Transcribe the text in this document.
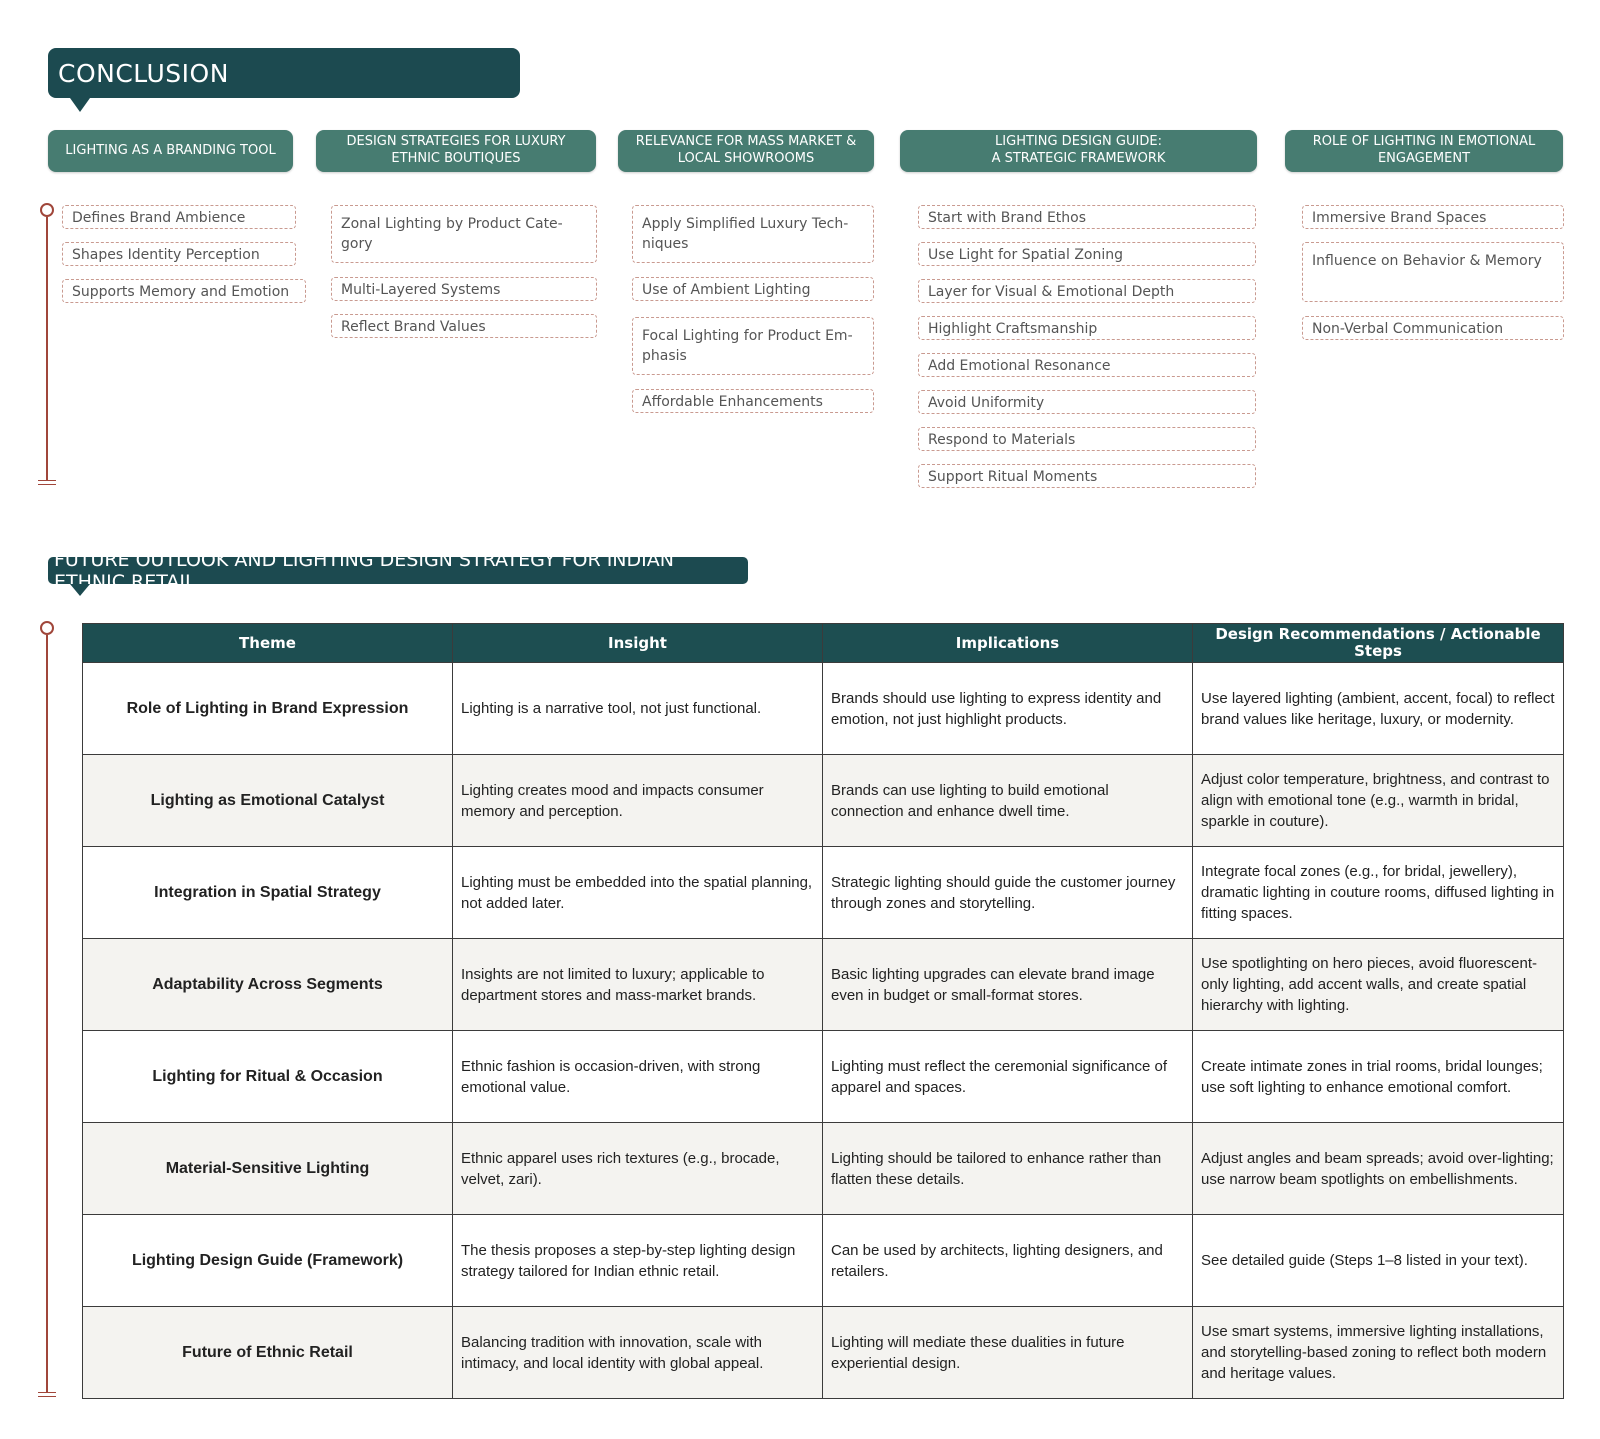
CONCLUSION
LIGHTING AS A BRANDING TOOL
Defines Brand Ambience
Shapes Identity Perception
Supports Memory and Emotion
DESIGN STRATEGIES FOR LUXURY
ETHNIC BOUTIQUES
Zonal Lighting by Product Cate-
gory
Multi-Layered Systems
Reflect Brand Values
RELEVANCE FOR MASS MARKET &
LOCAL SHOWROOMS
Apply Simplified Luxury Tech-
niques
Use of Ambient Lighting
Focal Lighting for Product Em-
phasis
Affordable Enhancements
LIGHTING DESIGN GUIDE:
A STRATEGIC FRAMEWORK
Start with Brand Ethos
Use Light for Spatial Zoning
Layer for Visual & Emotional Depth
Highlight Craftsmanship
Add Emotional Resonance
Avoid Uniformity
Respond to Materials
Support Ritual Moments
ROLE OF LIGHTING IN EMOTIONAL
ENGAGEMENT
Immersive Brand Spaces
Influence on Behavior & Memory
Non-Verbal Communication
FUTURE OUTLOOK AND LIGHTING DESIGN STRATEGY FOR INDIAN ETHNIC RETAIL
Theme	Insight	Implications	Design Recommendations / Actionable Steps
Role of Lighting in Brand Expression	Lighting is a narrative tool, not just functional.	Brands should use lighting to express identity and emotion, not just highlight products.	Use layered lighting (ambient, accent, focal) to reflect brand values like heritage, luxury, or modernity.
Lighting as Emotional Catalyst	Lighting creates mood and impacts consumer memory and perception.	Brands can use lighting to build emotional connection and enhance dwell time.	Adjust color temperature, brightness, and contrast to align with emotional tone (e.g., warmth in bridal, sparkle in couture).
Integration in Spatial Strategy	Lighting must be embedded into the spatial planning, not added later.	Strategic lighting should guide the customer journey through zones and storytelling.	Integrate focal zones (e.g., for bridal, jewellery), dramatic lighting in couture rooms, diffused lighting in fitting spaces.
Adaptability Across Segments	Insights are not limited to luxury; applicable to department stores and mass-market brands.	Basic lighting upgrades can elevate brand image even in budget or small-format stores.	Use spotlighting on hero pieces, avoid fluorescent-only lighting, add accent walls, and create spatial hierarchy with lighting.
Lighting for Ritual & Occasion	Ethnic fashion is occasion-driven, with strong emotional value.	Lighting must reflect the ceremonial significance of apparel and spaces.	Create intimate zones in trial rooms, bridal lounges; use soft lighting to enhance emotional comfort.
Material-Sensitive Lighting	Ethnic apparel uses rich textures (e.g., brocade, velvet, zari).	Lighting should be tailored to enhance rather than flatten these details.	Adjust angles and beam spreads; avoid over-lighting; use narrow beam spotlights on embellishments.
Lighting Design Guide (Framework)	The thesis proposes a step-by-step lighting design strategy tailored for Indian ethnic retail.	Can be used by architects, lighting designers, and retailers.	See detailed guide (Steps 1–8 listed in your text).
Future of Ethnic Retail	Balancing tradition with innovation, scale with intimacy, and local identity with global appeal.	Lighting will mediate these dualities in future experiential design.	Use smart systems, immersive lighting installations, and storytelling-based zoning to reflect both modern and heritage values.
